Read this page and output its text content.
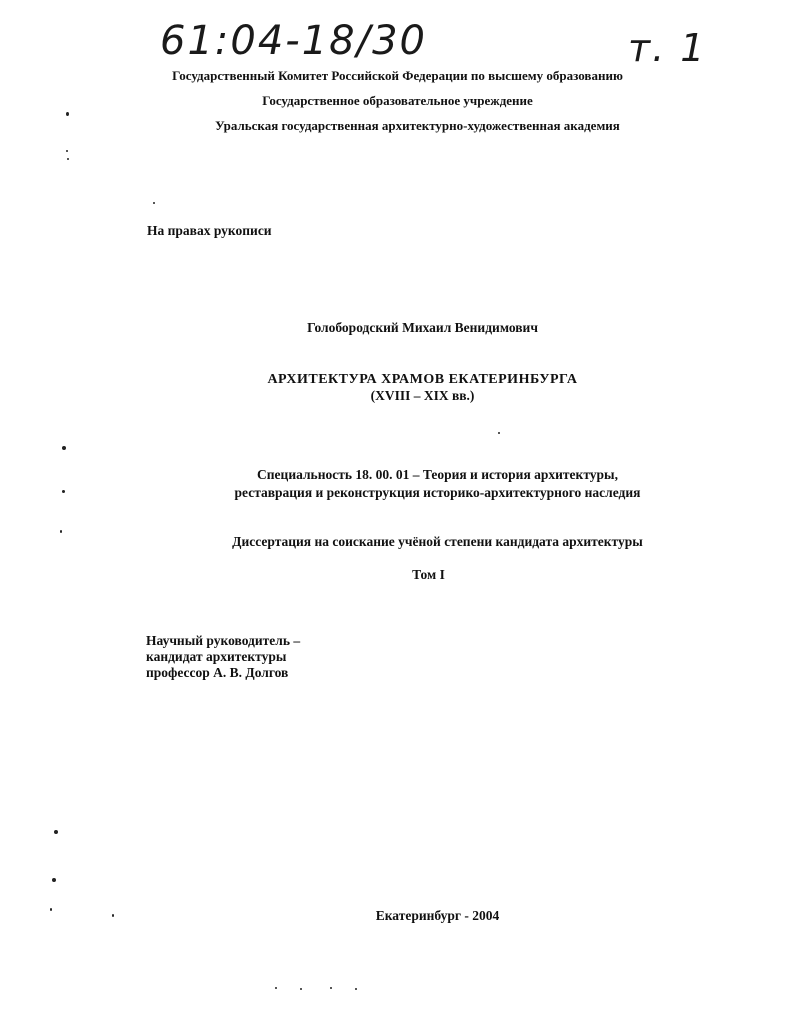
61:04-18/30	т. 1
Государственный Комитет Российской Федерации по высшему образованию
Государственное образовательное учреждение
Уральская государственная архитектурно-художественная академия
На правах рукописи
Голобородский Михаил Венидимович
АРХИТЕКТУРА ХРАМОВ ЕКАТЕРИНБУРГА
(XVIII – XIX вв.)
Специальность 18. 00. 01 – Теория и история архитектуры,
реставрация и реконструкция историко-архитектурного наследия
Диссертация на соискание учёной степени кандидата архитектуры
Том I
Научный руководитель –
кандидат архитектуры
профессор А. В. Долгов
Екатеринбург - 2004
